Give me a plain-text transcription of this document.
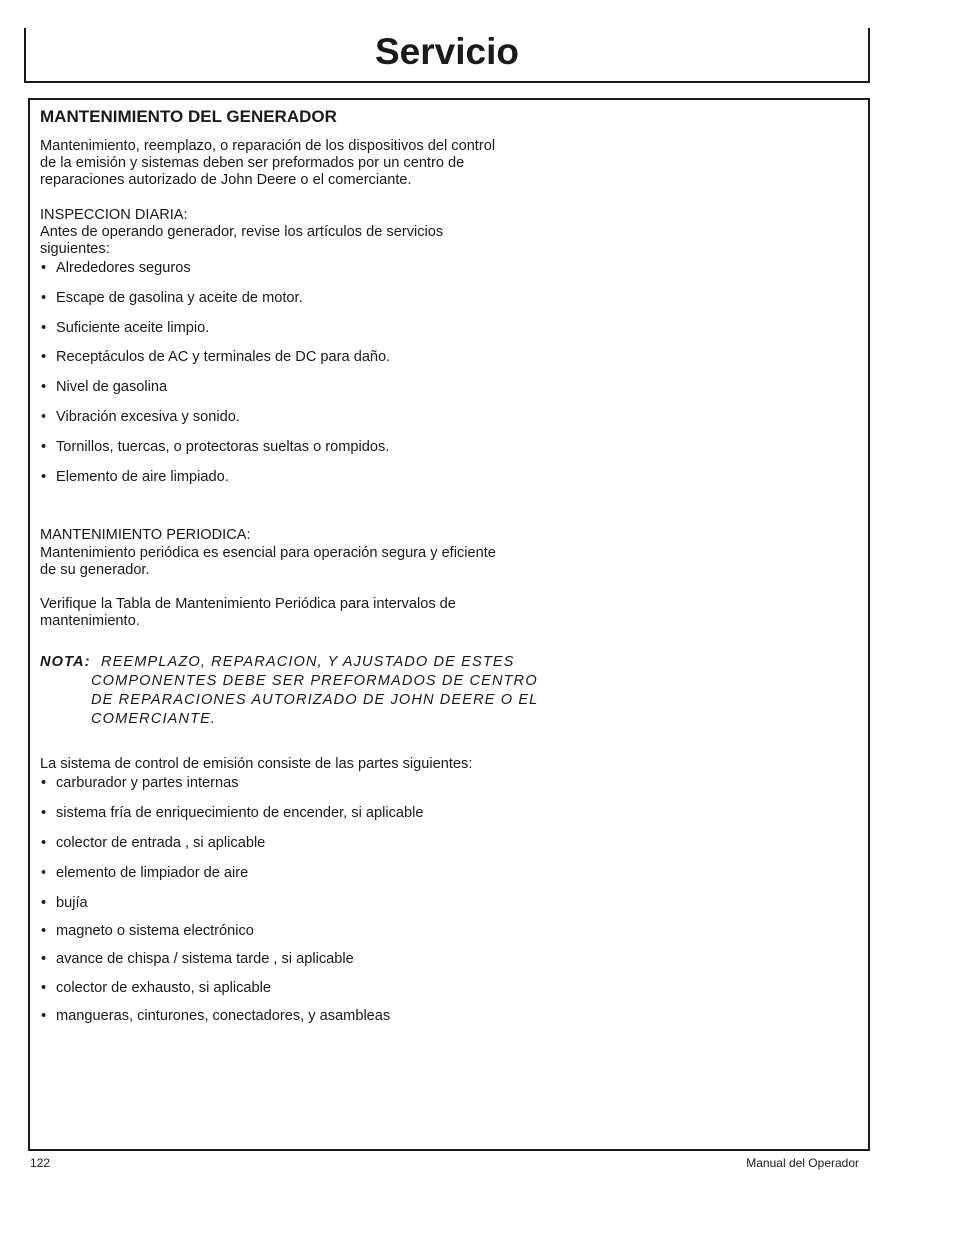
Servicio

MANTENIMIENTO DEL GENERADOR

Mantenimiento, reemplazo, o reparación de los dispositivos del control

de la emisión y sistemas deben ser preformados por un centro de

reparaciones autorizado de John Deere o el comerciante.

INSPECCION DIARIA:

Antes de operando generador, revise los artículos de servicios

siguientes:

• Alrededores seguros

• Escape de gasolina y aceite de motor.

• Suficiente aceite limpio.

• Receptáculos de AC y terminales de DC para daño.

• Nivel de gasolina

• Vibración excesiva y sonido.

• Tornillos, tuercas, o protectoras sueltas o rompidos.

• Elemento de aire limpiado.

MANTENIMIENTO PERIODICA:

Mantenimiento periódica es esencial para operación segura y eficiente

de su generador.

Verifique la Tabla de Mantenimiento Periódica para intervalos de

mantenimiento.

NOTA: REEMPLAZO, REPARACION, Y AJUSTADO DE ESTES
COMPONENTES DEBE SER PREFORMADOS DE CENTRO
DE REPARACIONES AUTORIZADO DE JOHN DEERE O EL
COMERCIANTE.

La sistema de control de emisión consiste de las partes siguientes:

• carburador y partes internas

• sistema fría de enriquecimiento de encender, si aplicable

• colector de entrada , si aplicable

• elemento de limpiador de aire

• bujía

• magneto o sistema electrónico

• avance de chispa / sistema tarde , si aplicable

• colector de exhausto, si aplicable

• mangueras, cinturones, conectadores, y asambleas

122	Manual del Operador
